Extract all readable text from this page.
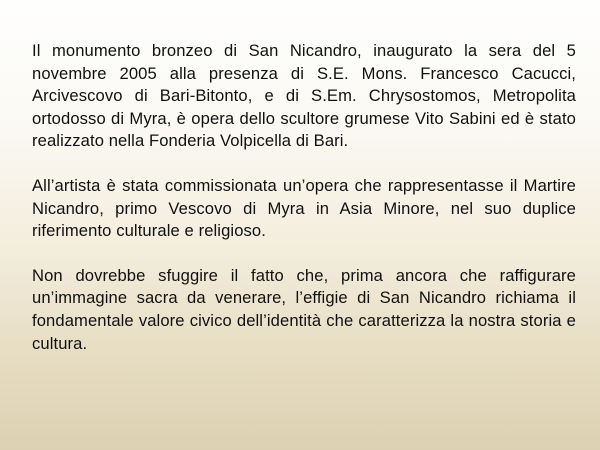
Il monumento bronzeo di San Nicandro, inaugurato la sera del 5 novembre 2005 alla presenza di S.E. Mons. Francesco Cacucci, Arcivescovo di Bari-Bitonto, e di S.Em. Chrysostomos, Metropolita ortodosso di Myra, è opera dello scultore grumese Vito Sabini ed è stato realizzato nella Fonderia Volpicella di Bari.

All’artista è stata commissionata un’opera che rappresentasse il Martire Nicandro, primo Vescovo di Myra in Asia Minore, nel suo duplice riferimento culturale e religioso.

Non dovrebbe sfuggire il fatto che, prima ancora che raffigurare un’immagine sacra da venerare, l’effigie di San Nicandro richiama il fondamentale valore civico dell’identità che caratterizza la nostra storia e cultura.
